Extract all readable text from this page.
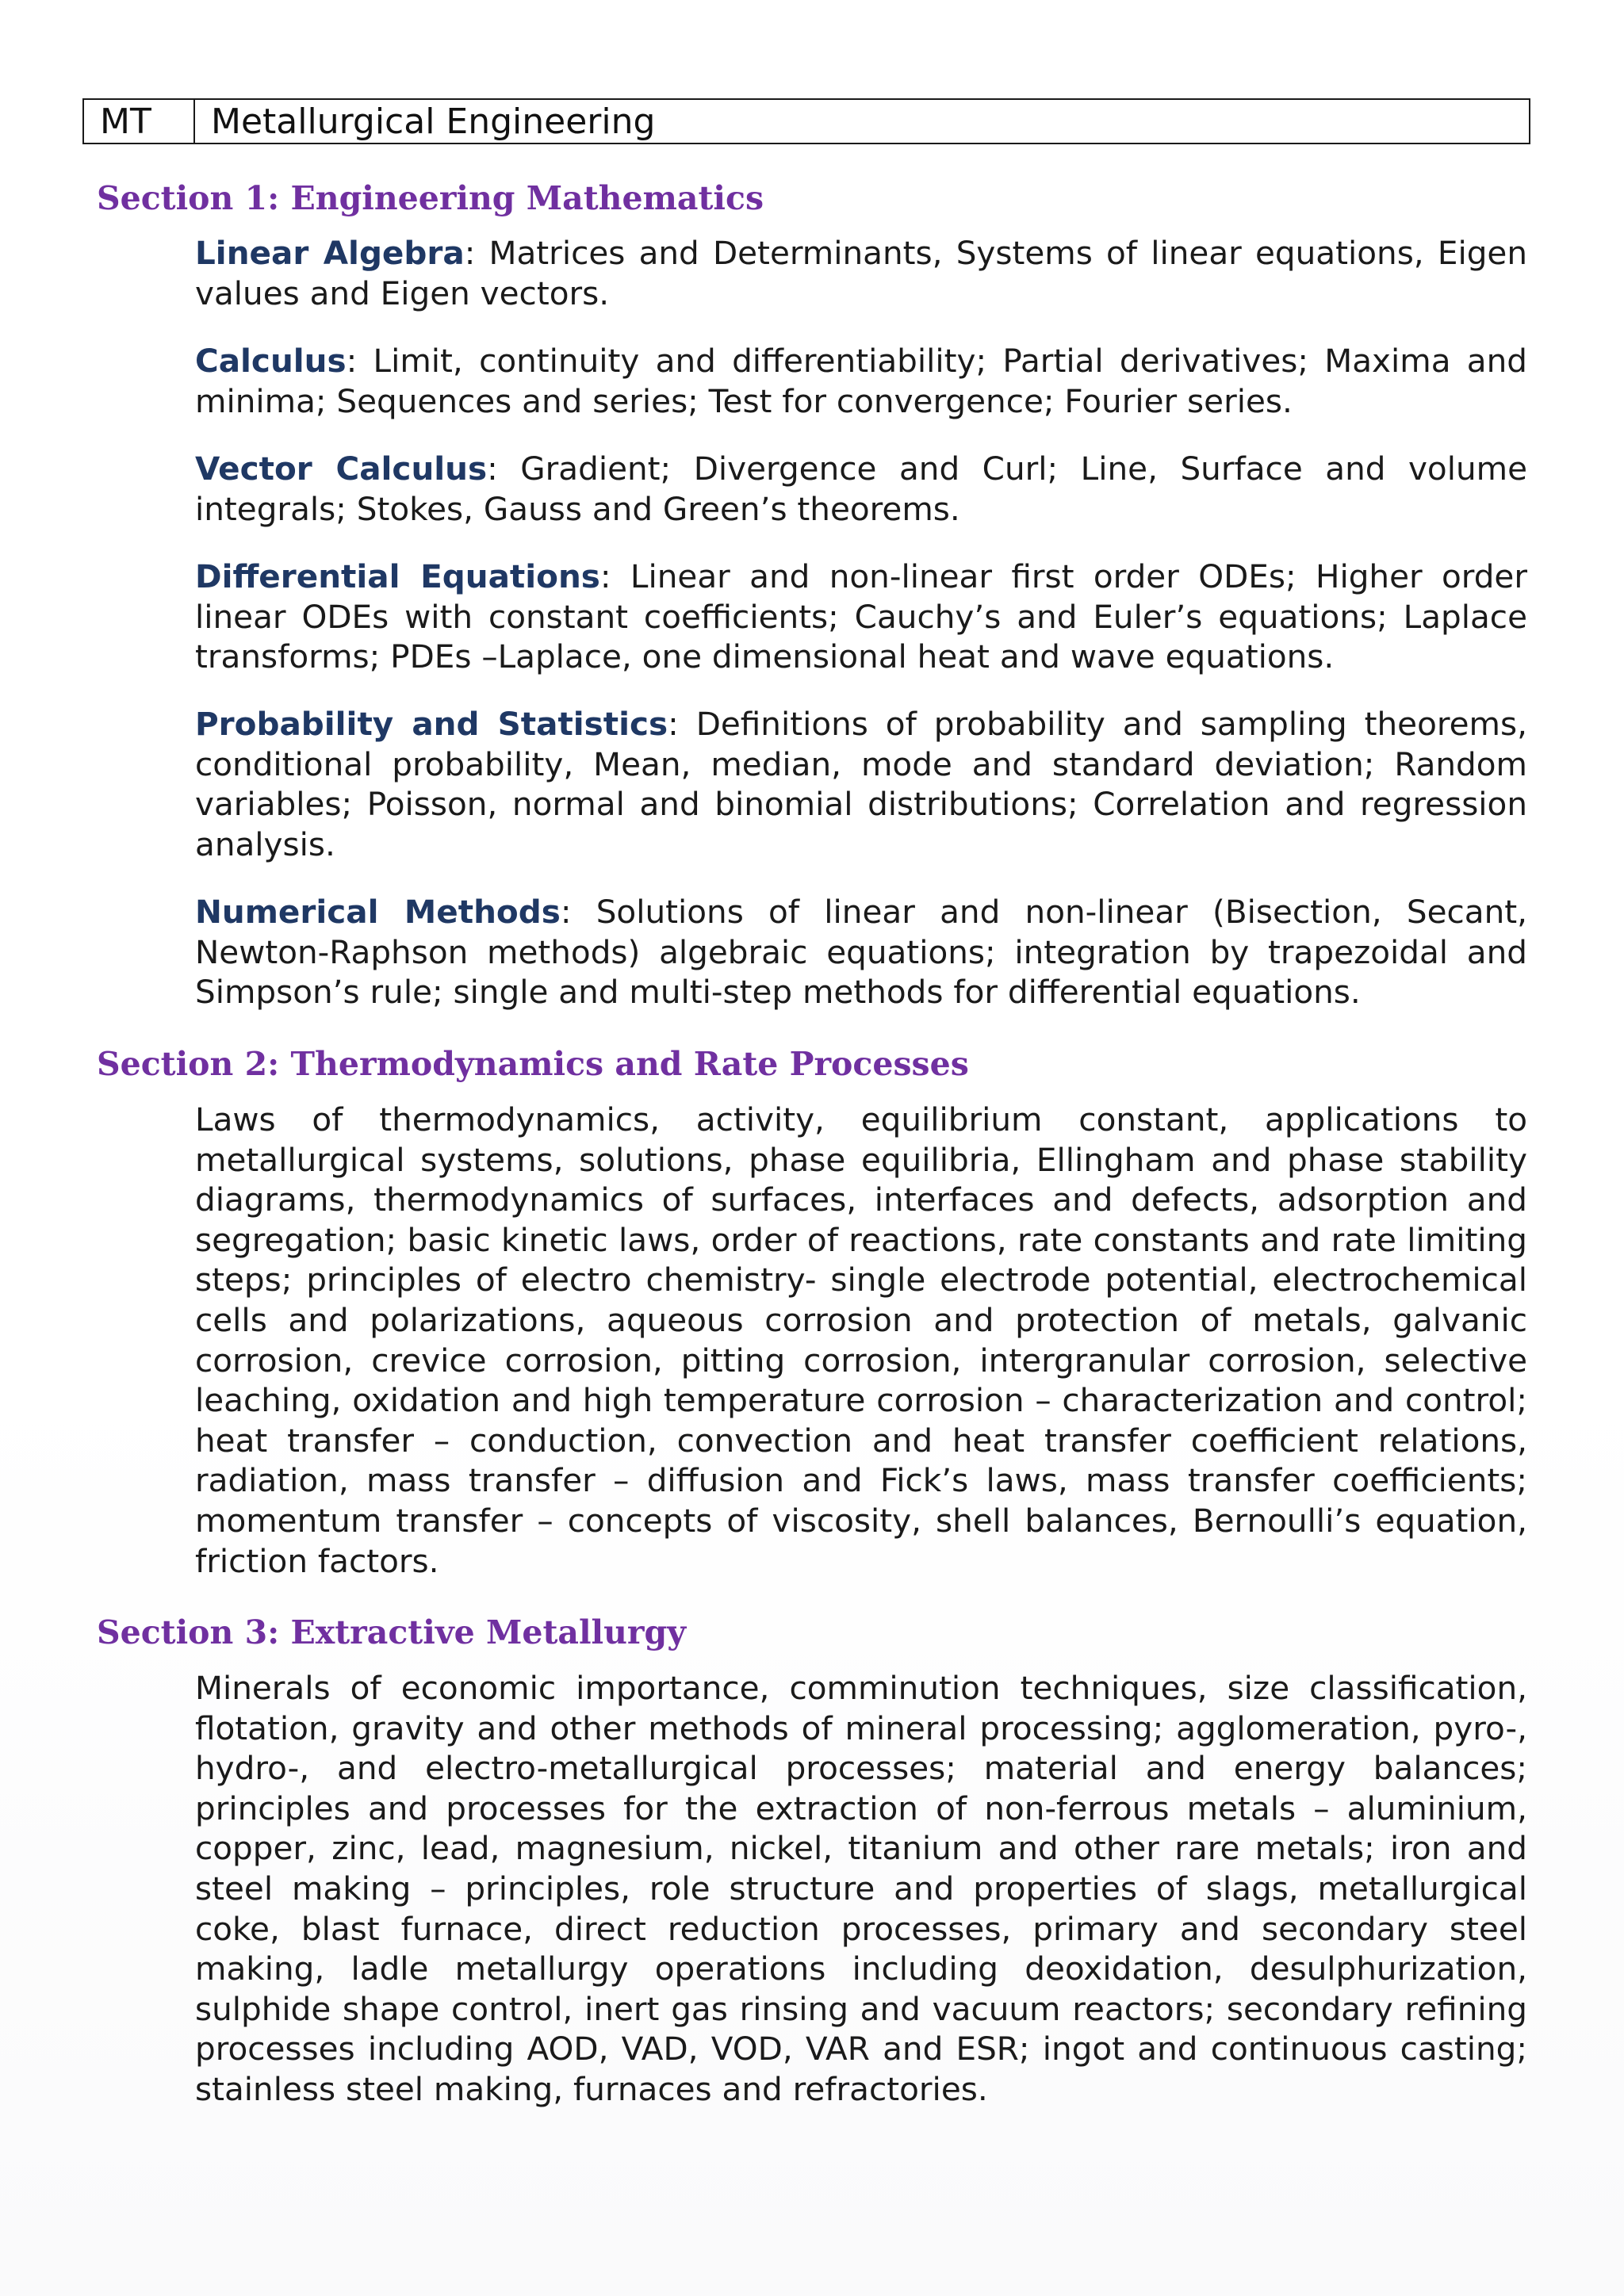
MT	Metallurgical Engineering
Section 1: Engineering Mathematics
Linear Algebra: Matrices and Determinants, Systems of linear equations, Eigen values and Eigen vectors.
Calculus: Limit, continuity and differentiability; Partial derivatives; Maxima and minima; Sequences and series; Test for convergence; Fourier series.
Vector Calculus: Gradient; Divergence and Curl; Line, Surface and volume integrals; Stokes, Gauss and Green’s theorems.
Differential Equations: Linear and non-linear first order ODEs; Higher order linear ODEs with constant coefficients; Cauchy’s and Euler’s equations; Laplace transforms; PDEs –Laplace, one dimensional heat and wave equations.
Probability and Statistics: Definitions of probability and sampling theorems, conditional probability, Mean, median, mode and standard deviation; Random variables; Poisson, normal and binomial distributions; Correlation and regression analysis.
Numerical Methods: Solutions of linear and non-linear (Bisection, Secant, Newton-Raphson methods) algebraic equations; integration by trapezoidal and Simpson’s rule; single and multi-step methods for differential equations.
Section 2: Thermodynamics and Rate Processes
Laws of thermodynamics, activity, equilibrium constant, applications to metallurgical systems, solutions, phase equilibria, Ellingham and phase stability diagrams, thermodynamics of surfaces, interfaces and defects, adsorption and segregation; basic kinetic laws, order of reactions, rate constants and rate limiting steps; principles of electro chemistry- single electrode potential, electrochemical cells and polarizations, aqueous corrosion and protection of metals, galvanic corrosion, crevice corrosion, pitting corrosion, intergranular corrosion, selective leaching, oxidation and high temperature corrosion – characterization and control; heat transfer – conduction, convection and heat transfer coefficient relations, radiation, mass transfer – diffusion and Fick’s laws, mass transfer coefficients; momentum transfer – concepts of viscosity, shell balances, Bernoulli’s equation, friction factors.
Section 3: Extractive Metallurgy
Minerals of economic importance, comminution techniques, size classification, flotation, gravity and other methods of mineral processing; agglomeration, pyro-, hydro-, and electro-metallurgical processes; material and energy balances; principles and processes for the extraction of non-ferrous metals – aluminium, copper, zinc, lead, magnesium, nickel, titanium and other rare metals; iron and steel making – principles, role structure and properties of slags, metallurgical coke, blast furnace, direct reduction processes, primary and secondary steel making, ladle metallurgy operations including deoxidation, desulphurization, sulphide shape control, inert gas rinsing and vacuum reactors; secondary refining processes including AOD, VAD, VOD, VAR and ESR; ingot and continuous casting; stainless steel making, furnaces and refractories.
